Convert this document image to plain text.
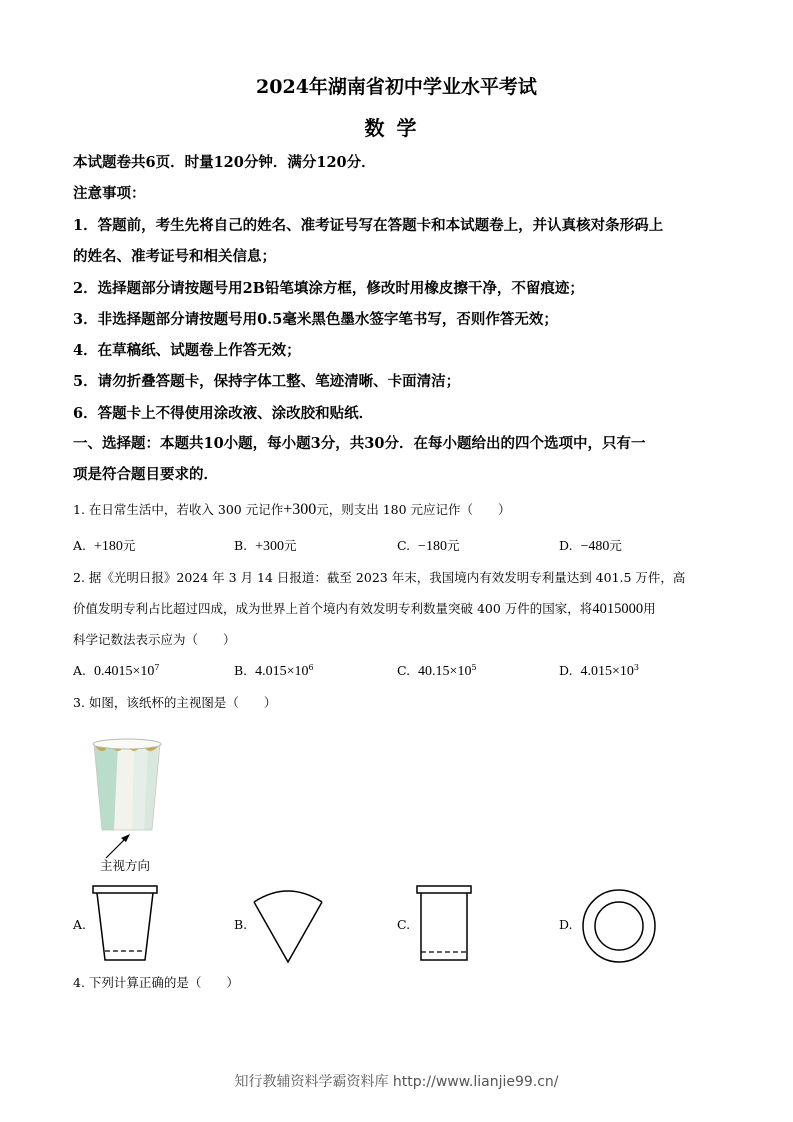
2024年湖南省初中学业水平考试
数学
本试题卷共6页．时量120分钟．满分120分．
注意事项：
1．答题前，考生先将自己的姓名、准考证号写在答题卡和本试题卷上，并认真核对条形码上
的姓名、准考证号和相关信息；
2．选择题部分请按题号用2B铅笔填涂方框，修改时用橡皮擦干净，不留痕迹；
3．非选择题部分请按题号用0.5毫米黑色墨水签字笔书写，否则作答无效；
4．在草稿纸、试题卷上作答无效；
5．请勿折叠答题卡，保持字体工整、笔迹清晰、卡面清洁；
6．答题卡上不得使用涂改液、涂改胶和贴纸．
一、选择题：本题共10小题，每小题3分，共30分．在每小题给出的四个选项中，只有一
项是符合题目要求的．
1. 在日常生活中，若收入 300 元记作+300元，则支出 180 元应记作（　　）
A. +180元	B. +300元	C. −180元	D. −480元
2. 据《光明日报》2024 年 3 月 14 日报道：截至 2023 年末，我国境内有效发明专利量达到 401.5 万件，高
价值发明专利占比超过四成，成为世界上首个境内有效发明专利数量突破 400 万件的国家，将4015000用
科学记数法表示应为（　　）
A. $0.4015\times 10^7$	B. $4.015\times 10^6$	C. $40.15\times 10^5$	D. $4.015\times 10^3$
3. 如图，该纸杯的主视图是（　　）
主视方向
A.	B.	C.	D.
4. 下列计算正确的是（　　）
知行教辅资料学霸资料库 http://www.lianjie99.cn/
